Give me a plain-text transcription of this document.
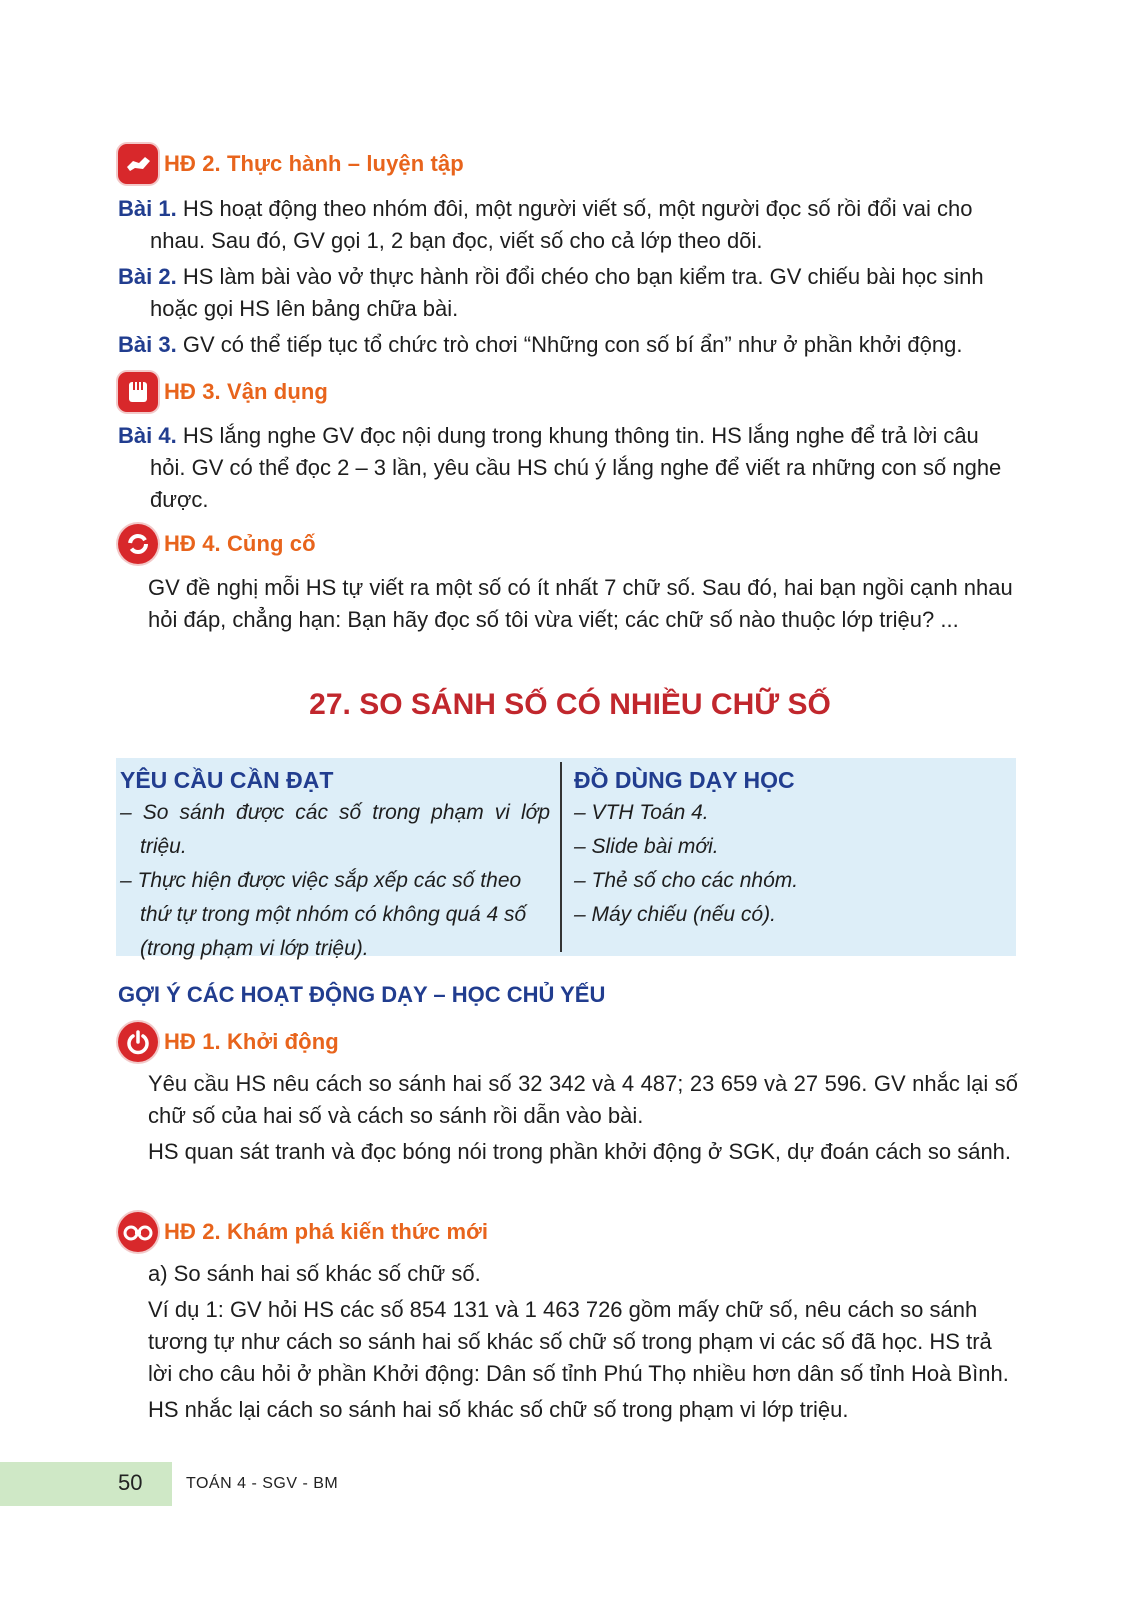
HĐ 2. Thực hành – luyện tập

Bài 1. HS hoạt động theo nhóm đôi, một người viết số, một người đọc số rồi đổi vai cho nhau. Sau đó, GV gọi 1, 2 bạn đọc, viết số cho cả lớp theo dõi.

Bài 2. HS làm bài vào vở thực hành rồi đổi chéo cho bạn kiểm tra. GV chiếu bài học sinh hoặc gọi HS lên bảng chữa bài.

Bài 3. GV có thể tiếp tục tổ chức trò chơi “Những con số bí ẩn” như ở phần khởi động.

HĐ 3. Vận dụng

Bài 4. HS lắng nghe GV đọc nội dung trong khung thông tin. HS lắng nghe để trả lời câu hỏi. GV có thể đọc 2 – 3 lần, yêu cầu HS chú ý lắng nghe để viết ra những con số nghe được.

HĐ 4. Củng cố

GV đề nghị mỗi HS tự viết ra một số có ít nhất 7 chữ số. Sau đó, hai bạn ngồi cạnh nhau hỏi đáp, chẳng hạn: Bạn hãy đọc số tôi vừa viết; các chữ số nào thuộc lớp triệu? ...

27. SO SÁNH SỐ CÓ NHIỀU CHỮ SỐ
YÊU CẦU CẦN ĐẠT

– So sánh được các số trong phạm vi lớp triệu.

– Thực hiện được việc sắp xếp các số theo thứ tự trong một nhóm có không quá 4 số (trong phạm vi lớp triệu).

ĐỒ DÙNG DẠY HỌC

– VTH Toán 4.

– Slide bài mới.

– Thẻ số cho các nhóm.

– Máy chiếu (nếu có).

GỢI Ý CÁC HOẠT ĐỘNG DẠY – HỌC CHỦ YẾU
HĐ 1. Khởi động

Yêu cầu HS nêu cách so sánh hai số 32 342 và 4 487; 23 659 và 27 596. GV nhắc lại số chữ số của hai số và cách so sánh rồi dẫn vào bài.

HS quan sát tranh và đọc bóng nói trong phần khởi động ở SGK, dự đoán cách so sánh.

HĐ 2. Khám phá kiến thức mới

a) So sánh hai số khác số chữ số.

Ví dụ 1: GV hỏi HS các số 854 131 và 1 463 726 gồm mấy chữ số, nêu cách so sánh tương tự như cách so sánh hai số khác số chữ số trong phạm vi các số đã học. HS trả lời cho câu hỏi ở phần Khởi động: Dân số tỉnh Phú Thọ nhiều hơn dân số tỉnh Hoà Bình.

HS nhắc lại cách so sánh hai số khác số chữ số trong phạm vi lớp triệu.

50	TOÁN 4 - SGV - BM
